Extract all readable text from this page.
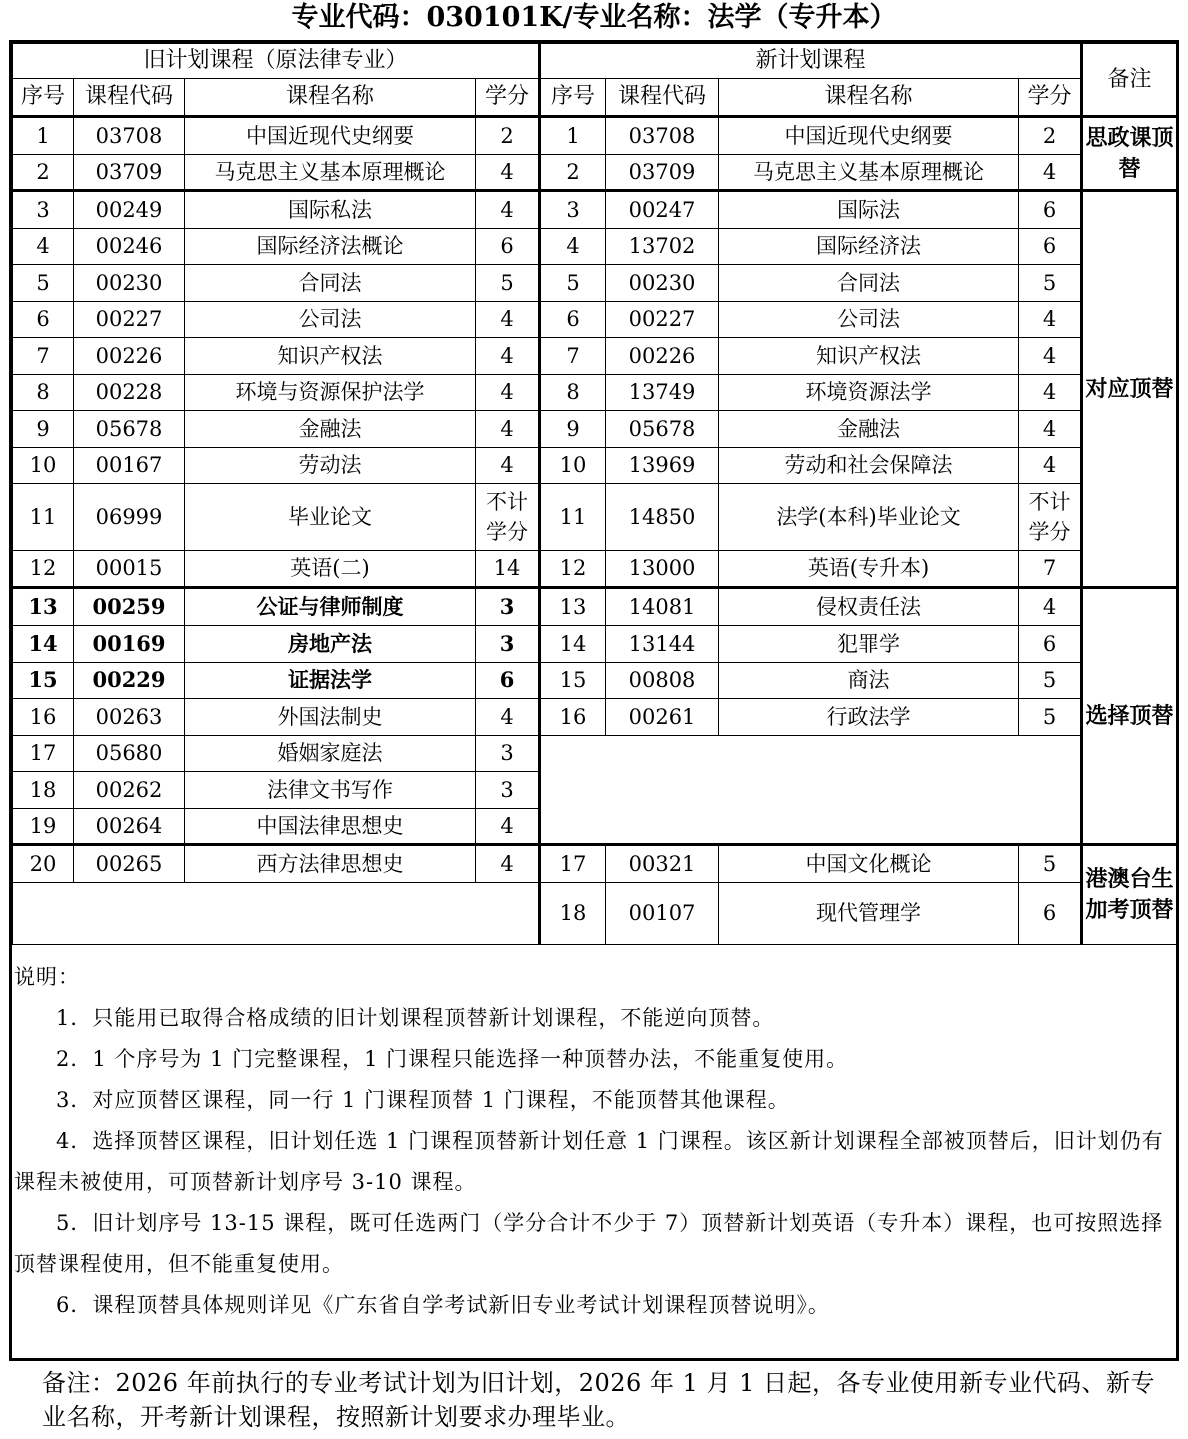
专业代码：030101K/专业名称：法学（专升本）
旧计划课程（原法律专业）				新计划课程				备注
序号	课程代码	课程名称	学分	序号	课程代码	课程名称	学分	
1	03708	中国近现代史纲要	2	1	03708	中国近现代史纲要	2	思政课顶替
2	03709	马克思主义基本原理概论	4	2	03709	马克思主义基本原理概论	4	
3	00249	国际私法	4	3	00247	国际法	6	对应顶替
4	00246	国际经济法概论	6	4	13702	国际经济法	6	
5	00230	合同法	5	5	00230	合同法	5	
6	00227	公司法	4	6	00227	公司法	4	
7	00226	知识产权法	4	7	00226	知识产权法	4	
8	00228	环境与资源保护法学	4	8	13749	环境资源法学	4	
9	05678	金融法	4	9	05678	金融法	4	
10	00167	劳动法	4	10	13969	劳动和社会保障法	4	
11	06999	毕业论文	不计学分	11	14850	法学(本科)毕业论文	不计学分	
12	00015	英语(二)	14	12	13000	英语(专升本)	7	
13	00259	公证与律师制度	3	13	14081	侵权责任法	4	选择顶替
14	00169	房地产法	3	14	13144	犯罪学	6	
15	00229	证据法学	6	15	00808	商法	5	
16	00263	外国法制史	4	16	00261	行政法学	5	
17	05680	婚姻家庭法	3					
18	00262	法律文书写作	3					
19	00264	中国法律思想史	4					
20	00265	西方法律思想史	4	17	00321	中国文化概论	5	港澳台生加考顶替
				18	00107	现代管理学	6	

说明：

1．只能用已取得合格成绩的旧计划课程顶替新计划课程，不能逆向顶替。

2．1 个序号为 1 门完整课程，1 门课程只能选择一种顶替办法，不能重复使用。

3．对应顶替区课程，同一行 1 门课程顶替 1 门课程，不能顶替其他课程。

4．选择顶替区课程，旧计划任选 1 门课程顶替新计划任意 1 门课程。该区新计划课程全部被顶替后，旧计划仍有课程未被使用，可顶替新计划序号 3-10 课程。

5．旧计划序号 13-15 课程，既可任选两门（学分合计不少于 7）顶替新计划英语（专升本）课程，也可按照选择顶替课程使用，但不能重复使用。

6．课程顶替具体规则详见《广东省自学考试新旧专业考试计划课程顶替说明》。

备注：2026 年前执行的专业考试计划为旧计划，2026 年 1 月 1 日起，各专业使用新专业代码、新专业名称，开考新计划课程，按照新计划要求办理毕业。
